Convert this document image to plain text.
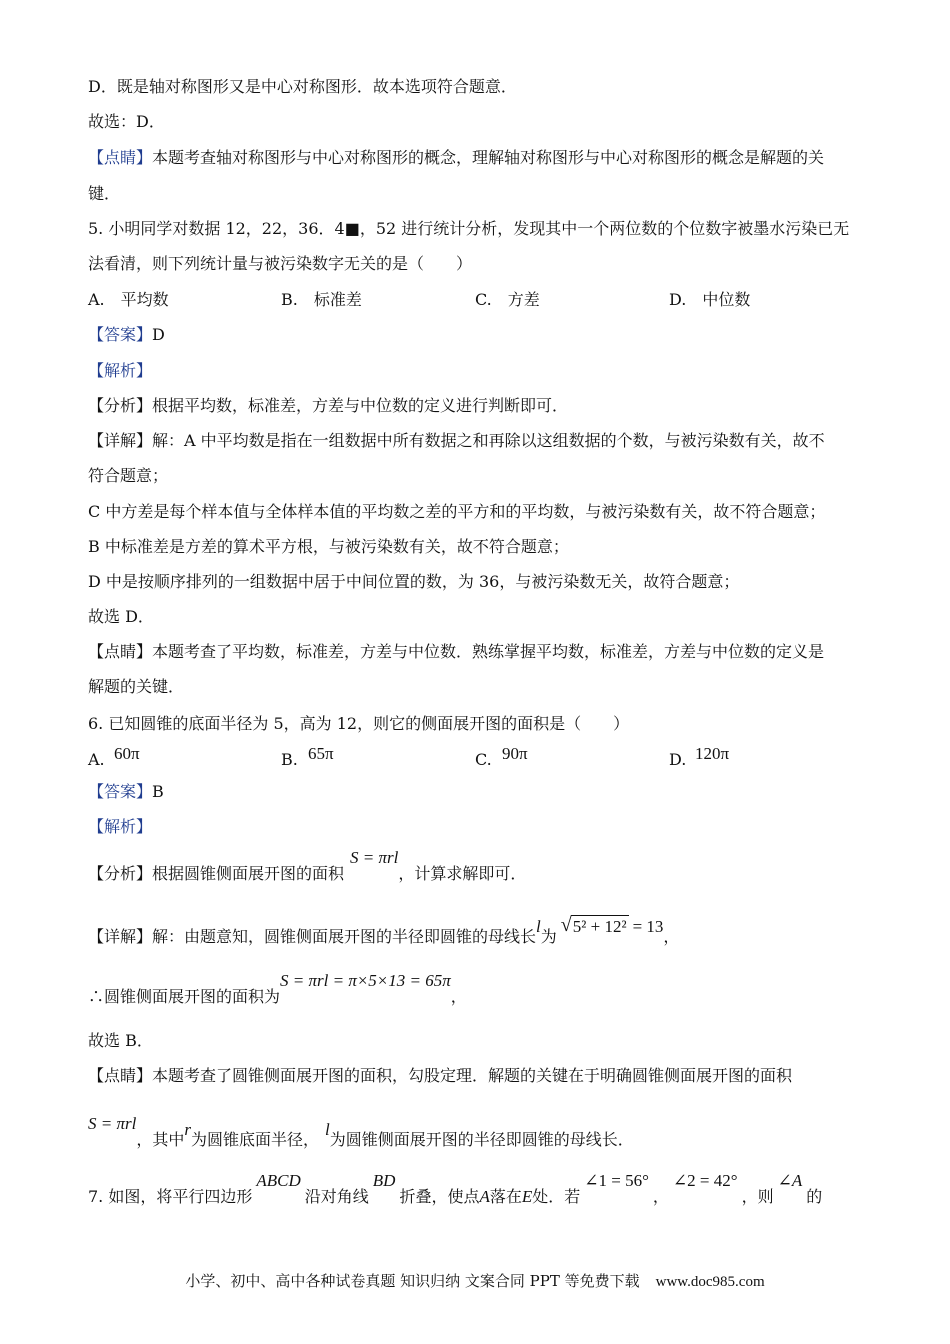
D．既是轴对称图形又是中心对称图形．故本选项符合题意．
故选：D．
【点睛】本题考查轴对称图形与中心对称图形的概念，理解轴对称图形与中心对称图形的概念是解题的关
键．
5. 小明同学对数据 12，22，36．4■，52 进行统计分析，发现其中一个两位数的个位数字被墨水污染已无
法看清，则下列统计量与被污染数字无关的是（　　）
A.　平均数	B.　标准差	C.　方差	D.　中位数
【答案】D
【解析】
【分析】根据平均数，标准差，方差与中位数的定义进行判断即可．
【详解】解：A 中平均数是指在一组数据中所有数据之和再除以这组数据的个数，与被污染数有关，故不
符合题意；
C 中方差是每个样本值与全体样本值的平均数之差的平方和的平均数，与被污染数有关，故不符合题意；
B 中标准差是方差的算术平方根，与被污染数有关，故不符合题意；
D 中是按顺序排列的一组数据中居于中间位置的数，为 36，与被污染数无关，故符合题意；
故选 D．
【点睛】本题考查了平均数，标准差，方差与中位数．熟练掌握平均数，标准差，方差与中位数的定义是
解题的关键．
6. 已知圆锥的底面半径为 5，高为 12，则它的侧面展开图的面积是（　　）
A. 60π	B. 65π	C. 90π	D. 120π
【答案】B
【解析】
【分析】根据圆锥侧面展开图的面积S = πrl，计算求解即可．
【详解】解：由题意知，圆锥侧面展开图的半径即圆锥的母线长l为
√ 5² + 12² = 13，
∴圆锥侧面展开图的面积为S = πrl = π×5×13 = 65π，
故选 B．
【点睛】本题考查了圆锥侧面展开图的面积，勾股定理．解题的关键在于明确圆锥侧面展开图的面积
S = πrl，其中r为圆锥底面半径，l为圆锥侧面展开图的半径即圆锥的母线长．
7. 如图，将平行四边形ABCD沿对角线BD折叠，使点A落在E处．若∠1 = 56°，∠2 = 42°，则∠A的
小学、初中、高中各种试卷真题 知识归纳 文案合同 PPT 等免费下载 www.doc985.com
